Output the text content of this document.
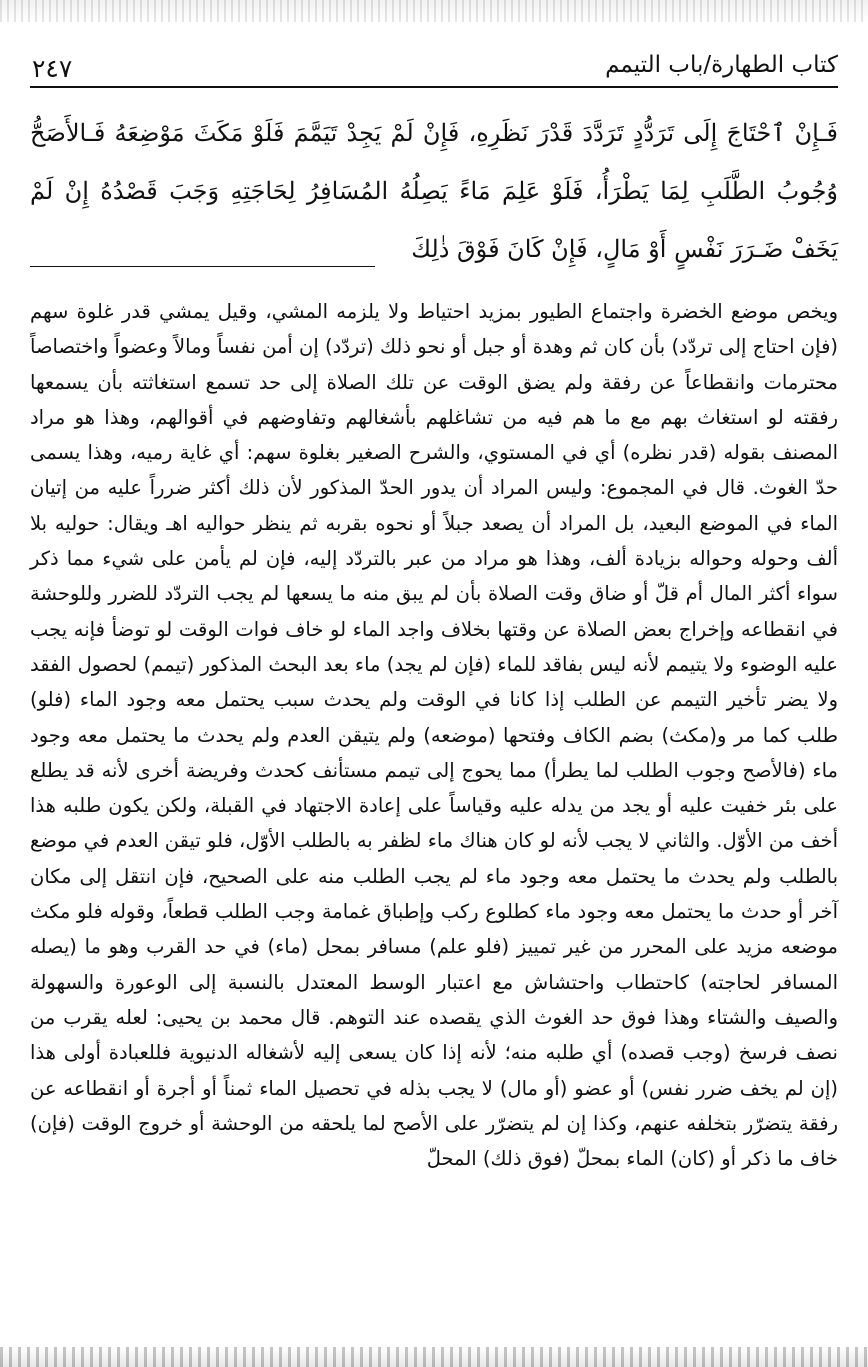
٢٤٧	كتاب الطهارة/باب التيمم

فَـإِنْ ٱحْتَاجَ إِلَى تَرَدُّدٍ تَرَدَّدَ قَدْرَ نَظَرِهِ، فَإِنْ لَمْ يَجِدْ تَيَمَّمَ فَلَوْ مَكَثَ مَوْضِعَهُ فَـالأَصَحُّ وُجُوبُ الطَّلَبِ لِمَا يَطْرَأُ، فَلَوْ عَلِمَ مَاءً يَصِلُهُ المُسَافِرُ لِحَاجَتِهِ وَجَبَ قَصْدُهُ إِنْ لَمْ يَخَفْ ضَـرَرَ نَفْسٍ أَوْ مَالٍ، فَإِنْ كَانَ فَوْقَ ذٰلِكَ

ويخص موضع الخضرة واجتماع الطيور بمزيد احتياط ولا يلزمه المشي، وقيل يمشي قدر غلوة سهم (فإن احتاج إلى تردّد) بأن كان ثم وهدة أو جبل أو نحو ذلك (تردّد) إن أمن نفساً ومالاً وعضواً واختصاصاً محترمات وانقطاعاً عن رفقة ولم يضق الوقت عن تلك الصلاة إلى حد تسمع استغاثته بأن يسمعها رفقته لو استغاث بهم مع ما هم فيه من تشاغلهم بأشغالهم وتفاوضهم في أقوالهم، وهذا هو مراد المصنف بقوله (قدر نظره) أي في المستوي، والشرح الصغير بغلوة سهم: أي غاية رميه، وهذا يسمى حدّ الغوث. قال في المجموع: وليس المراد أن يدور الحدّ المذكور لأن ذلك أكثر ضرراً عليه من إتيان الماء في الموضع البعيد، بل المراد أن يصعد جبلاً أو نحوه بقربه ثم ينظر حواليه اهـ ويقال: حوليه بلا ألف وحوله وحواله بزيادة ألف، وهذا هو مراد من عبر بالتردّد إليه، فإن لم يأمن على شيء مما ذكر سواء أكثر المال أم قلّ أو ضاق وقت الصلاة بأن لم يبق منه ما يسعها لم يجب التردّد للضرر وللوحشة في انقطاعه وإخراج بعض الصلاة عن وقتها بخلاف واجد الماء لو خاف فوات الوقت لو توضأ فإنه يجب عليه الوضوء ولا يتيمم لأنه ليس بفاقد للماء (فإن لم يجد) ماء بعد البحث المذكور (تيمم) لحصول الفقد ولا يضر تأخير التيمم عن الطلب إذا كانا في الوقت ولم يحدث سبب يحتمل معه وجود الماء (فلو) طلب كما مر و(مكث) بضم الكاف وفتحها (موضعه) ولم يتيقن العدم ولم يحدث ما يحتمل معه وجود ماء (فالأصح وجوب الطلب لما يطرأ) مما يحوج إلى تيمم مستأنف كحدث وفريضة أخرى لأنه قد يطلع على بئر خفيت عليه أو يجد من يدله عليه وقياساً على إعادة الاجتهاد في القبلة، ولكن يكون طلبه هذا أخف من الأوّل. والثاني لا يجب لأنه لو كان هناك ماء لظفر به بالطلب الأوّل، فلو تيقن العدم في موضع بالطلب ولم يحدث ما يحتمل معه وجود ماء لم يجب الطلب منه على الصحيح، فإن انتقل إلى مكان آخر أو حدث ما يحتمل معه وجود ماء كطلوع ركب وإطباق غمامة وجب الطلب قطعاً، وقوله فلو مكث موضعه مزيد على المحرر من غير تمييز (فلو علم) مسافر بمحل (ماء) في حد القرب وهو ما (يصله المسافر لحاجته) كاحتطاب واحتشاش مع اعتبار الوسط المعتدل بالنسبة إلى الوعورة والسهولة والصيف والشتاء وهذا فوق حد الغوث الذي يقصده عند التوهم. قال محمد بن يحيى: لعله يقرب من نصف فرسخ (وجب قصده) أي طلبه منه؛ لأنه إذا كان يسعى إليه لأشغاله الدنيوية فللعبادة أولى هذا (إن لم يخف ضرر نفس) أو عضو (أو مال) لا يجب بذله في تحصيل الماء ثمناً أو أجرة أو انقطاعه عن رفقة يتضرّر بتخلفه عنهم، وكذا إن لم يتضرّر على الأصح لما يلحقه من الوحشة أو خروج الوقت (فإن) خاف ما ذكر أو (كان) الماء بمحلّ (فوق ذلك) المحلّ
